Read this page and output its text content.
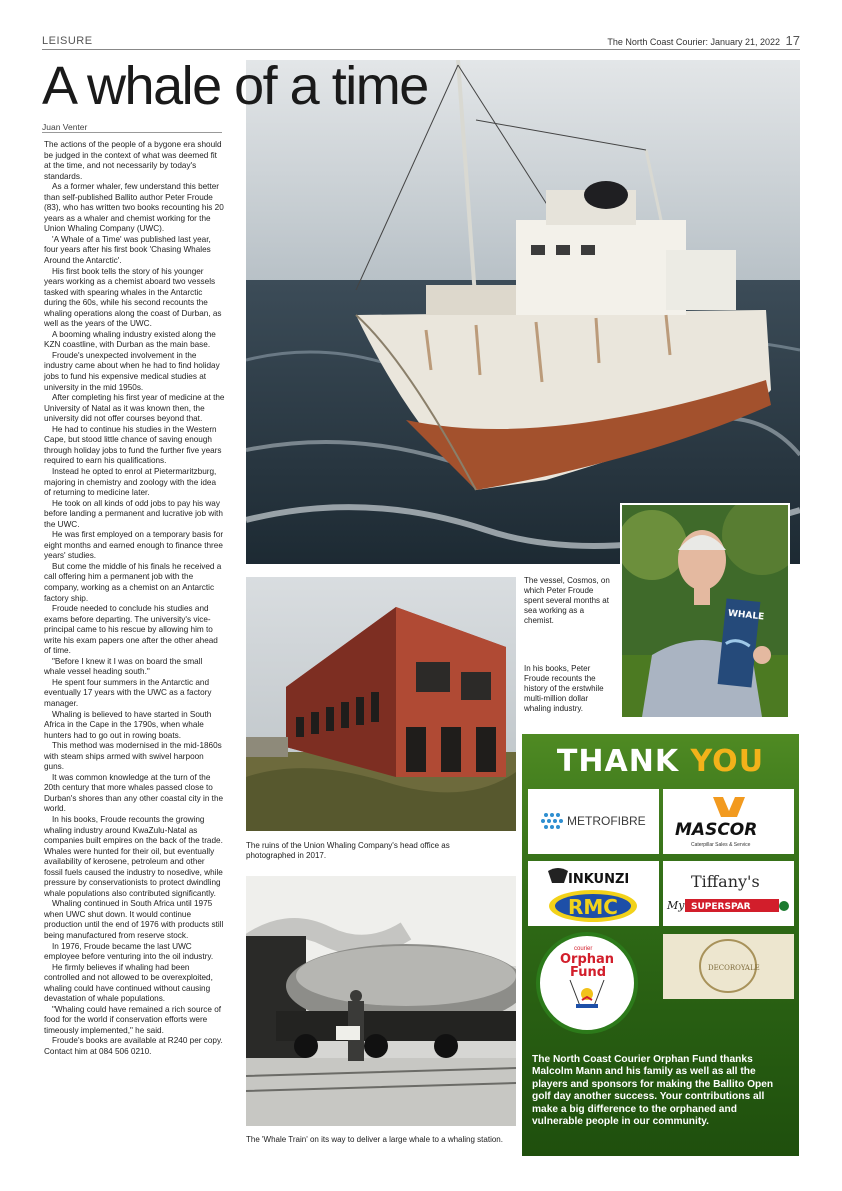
LEISURE	The North Coast Courier: January 21, 2022 17
A whale of a time
Juan Venter

The actions of the people of a bygone era should be judged in the context of what was deemed fit at the time, and not necessarily by today's standards.

As a former whaler, few understand this better than self-published Ballito author Peter Froude (83), who has written two books recounting his 20 years as a whaler and chemist working for the Union Whaling Company (UWC).

'A Whale of a Time' was published last year, four years after his first book 'Chasing Whales Around the Antarctic'.

His first book tells the story of his younger years working as a chemist aboard two vessels tasked with spearing whales in the Antarctic during the 60s, while his second recounts the whaling operations along the coast of Durban, as well as the years of the UWC.

A booming whaling industry existed along the KZN coastline, with Durban as the main base.

Froude's unexpected involvement in the industry came about when he had to find holiday jobs to fund his expensive medical studies at university in the mid 1950s.

After completing his first year of medicine at the University of Natal as it was known then, the university did not offer courses beyond that.

He had to continue his studies in the Western Cape, but stood little chance of saving enough through holiday jobs to fund the further five years required to earn his qualifications.

Instead he opted to enrol at Pietermaritzburg, majoring in chemistry and zoology with the idea of returning to medicine later.

He took on all kinds of odd jobs to pay his way before landing a permanent and lucrative job with the UWC.

He was first employed on a temporary basis for eight months and earned enough to finance three years' studies.

But come the middle of his finals he received a call offering him a permanent job with the company, working as a chemist on an Antarctic factory ship.

Froude needed to conclude his studies and exams before departing. The university's vice-principal came to his rescue by allowing him to write his exam papers one after the other ahead of time.

"Before I knew it I was on board the small whale vessel heading south."

He spent four summers in the Antarctic and eventually 17 years with the UWC as a factory manager.

Whaling is believed to have started in South Africa in the Cape in the 1790s, when whale hunters had to go out in rowing boats.

This method was modernised in the mid-1860s with steam ships armed with swivel harpoon guns.

It was common knowledge at the turn of the 20th century that more whales passed close to Durban's shores than any other coastal city in the world.

In his books, Froude recounts the growing whaling industry around KwaZulu-Natal as companies built empires on the back of the trade. Whales were hunted for their oil, but eventually availability of kerosene, petroleum and other fossil fuels caused the industry to nosedive, while pressure by conservationists to protect dwindling whale populations also contributed significantly.

Whaling continued in South Africa until 1975 when UWC shut down. It would continue production until the end of 1976 with products still being manufactured from reserve stock.

In 1976, Froude became the last UWC employee before venturing into the oil industry.

He firmly believes if whaling had been controlled and not allowed to be overexploited, whaling could have continued without causing devastation of whale populations.

"Whaling could have remained a rich source of food for the world if conservation efforts were timeously implemented," he said.

Froude's books are available at R240 per copy. Contact him at 084 506 0210.

WHALE
The vessel, Cosmos, on which Peter Froude spent several months at sea working as a chemist.
In his books, Peter Froude recounts the history of the erstwhile multi-million dollar whaling industry.
The ruins of the Union Whaling Company's head office as photographed in 2017.
The 'Whale Train' on its way to deliver a large whale to a whaling station.
THANK YOU
METROFIBRE MASCOR
Caterpillar Sales & Service
INKUNZI
RMC
Tiffany's
My SUPERSPAR
courier
Orphan
Fund	DECOROYALE
The North Coast Courier Orphan Fund thanks Malcolm Mann and his family as well as all the players and sponsors for making the Ballito Open golf day another success. Your contributions all make a big difference to the orphaned and vulnerable people in our community.
